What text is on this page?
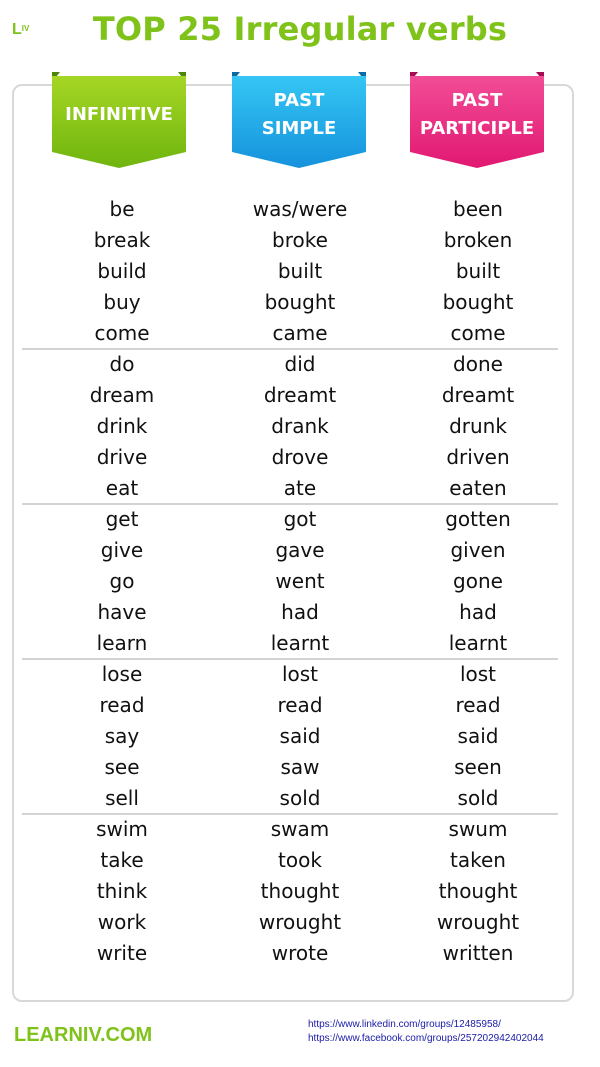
$L^{IV}$	TOP 25 Irregular verbs
INFINITIVE
PAST
SIMPLE
PAST
PARTICIPLE
be	was/were	been
break	broke	broken
build	built	built
buy	bought	bought
come	came	come
do	did	done
dream	dreamt	dreamt
drink	drank	drunk
drive	drove	driven
eat	ate	eaten
get	got	gotten
give	gave	given
go	went	gone
have	had	had
learn	learnt	learnt
lose	lost	lost
read	read	read
say	said	said
see	saw	seen
sell	sold	sold
swim	swam	swum
take	took	taken
think	thought	thought
work	wrought	wrought
write	wrote	written
LEARNIV.COM	https://www.linkedin.com/groups/12485958/
https://www.facebook.com/groups/257202942402044
